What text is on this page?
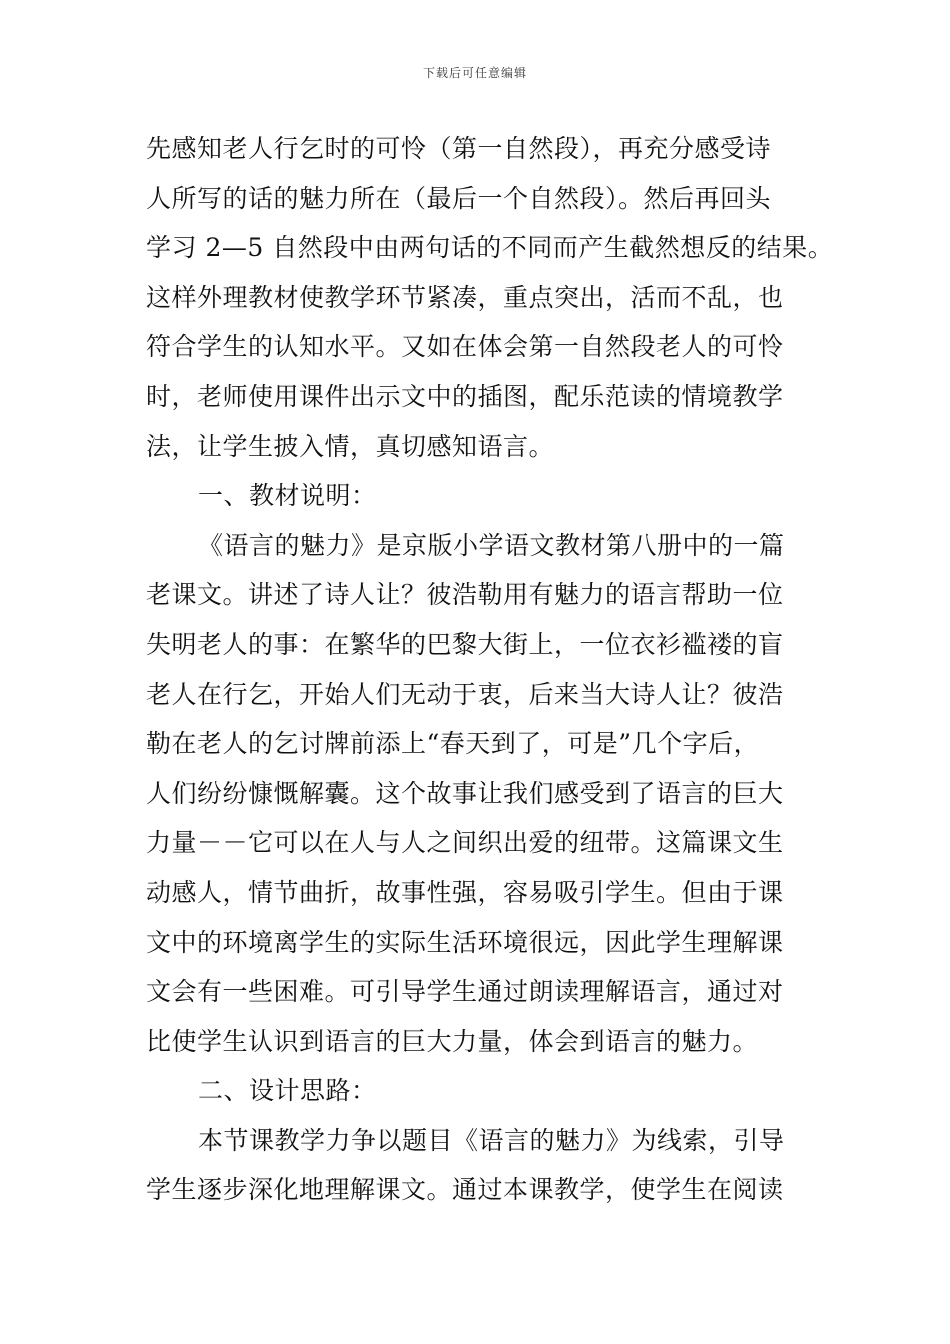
下载后可任意编辑
先感知老人行乞时的可怜（第一自然段），再充分感受诗
人所写的话的魅力所在（最后一个自然段）。然后再回头
学习 2—5 自然段中由两句话的不同而产生截然想反的结果。
这样外理教材使教学环节紧凑，重点突出，活而不乱，也
符合学生的认知水平。又如在体会第一自然段老人的可怜
时，老师使用课件出示文中的插图，配乐范读的情境教学
法，让学生披入情，真切感知语言。
一、教材说明：
《语言的魅力》是京版小学语文教材第八册中的一篇
老课文。讲述了诗人让？彼浩勒用有魅力的语言帮助一位
失明老人的事：在繁华的巴黎大街上，一位衣衫褴褛的盲
老人在行乞，开始人们无动于衷，后来当大诗人让？彼浩
勒在老人的乞讨牌前添上“春天到了，可是”几个字后，
人们纷纷慷慨解囊。这个故事让我们感受到了语言的巨大
力量－－它可以在人与人之间织出爱的纽带。这篇课文生
动感人，情节曲折，故事性强，容易吸引学生。但由于课
文中的环境离学生的实际生活环境很远，因此学生理解课
文会有一些困难。可引导学生通过朗读理解语言，通过对
比使学生认识到语言的巨大力量，体会到语言的魅力。
二、设计思路：
本节课教学力争以题目《语言的魅力》为线索，引导
学生逐步深化地理解课文。通过本课教学，使学生在阅读
